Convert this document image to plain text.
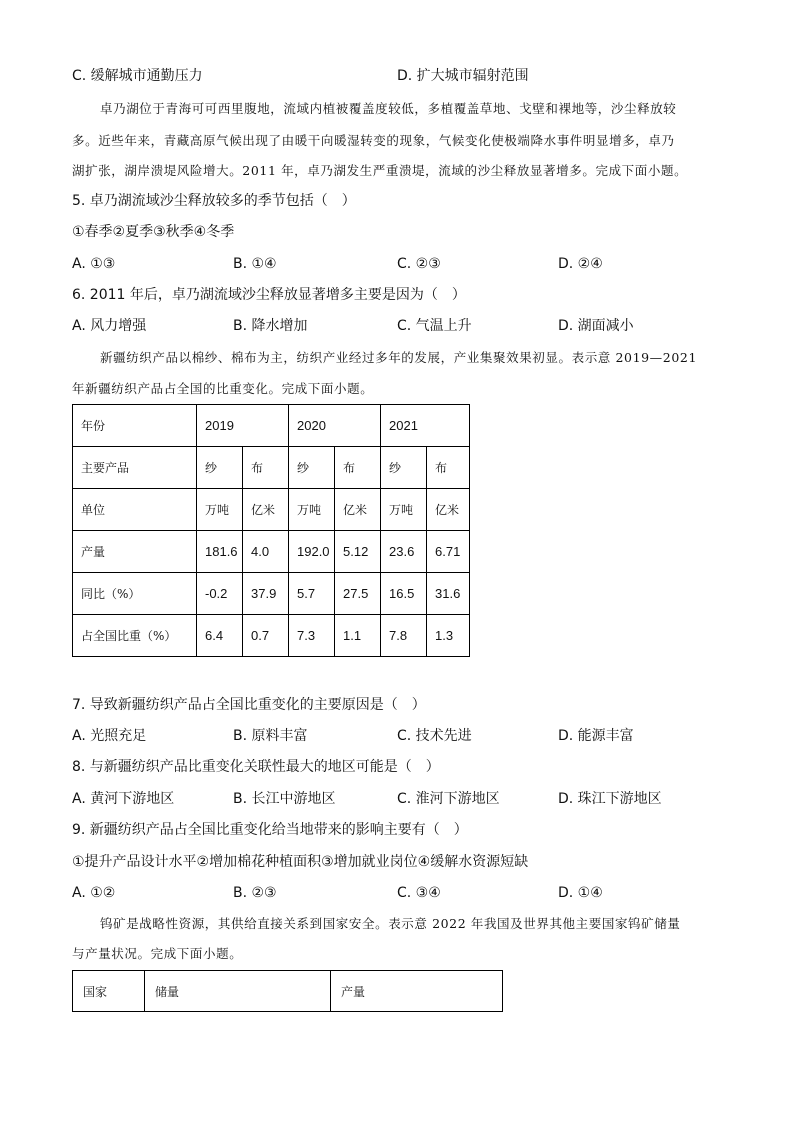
C. 缓解城市通勤压力	D. 扩大城市辐射范围
卓乃湖位于青海可可西里腹地，流域内植被覆盖度较低，多植覆盖草地、戈壁和裸地等，沙尘释放较
多。近些年来，青藏高原气候出现了由暖干向暖湿转变的现象，气候变化使极端降水事件明显增多，卓乃
湖扩张，湖岸溃堤风险增大。2011 年，卓乃湖发生严重溃堤，流域的沙尘释放显著增多。完成下面小题。
5. 卓乃湖流域沙尘释放较多的季节包括（　）
①春季②夏季③秋季④冬季
A. ①③	B. ①④	C. ②③	D. ②④
6. 2011 年后，卓乃湖流域沙尘释放显著增多主要是因为（　）
A. 风力增强	B. 降水增加	C. 气温上升	D. 湖面减小
新疆纺织产品以棉纱、棉布为主，纺织产业经过多年的发展，产业集聚效果初显。表示意 2019—2021
年新疆纺织产品占全国的比重变化。完成下面小题。
年份	2019		2020		2021	
主要产品	纱	布	纱	布	纱	布
单位	万吨	亿米	万吨	亿米	万吨	亿米
产量	181.6	4.0	192.0	5.12	23.6	6.71
同比（%）	-0.2	37.9	5.7	27.5	16.5	31.6
占全国比重（%）	6.4	0.7	7.3	1.1	7.8	1.3
7. 导致新疆纺织产品占全国比重变化的主要原因是（　）
A. 光照充足	B. 原料丰富	C. 技术先进	D. 能源丰富
8. 与新疆纺织产品比重变化关联性最大的地区可能是（　）
A. 黄河下游地区	B. 长江中游地区	C. 淮河下游地区	D. 珠江下游地区
9. 新疆纺织产品占全国比重变化给当地带来的影响主要有（　）
①提升产品设计水平②增加棉花种植面积③增加就业岗位④缓解水资源短缺
A. ①②	B. ②③	C. ③④	D. ①④
钨矿是战略性资源，其供给直接关系到国家安全。表示意 2022 年我国及世界其他主要国家钨矿储量
与产量状况。完成下面小题。
国家	储量	产量
